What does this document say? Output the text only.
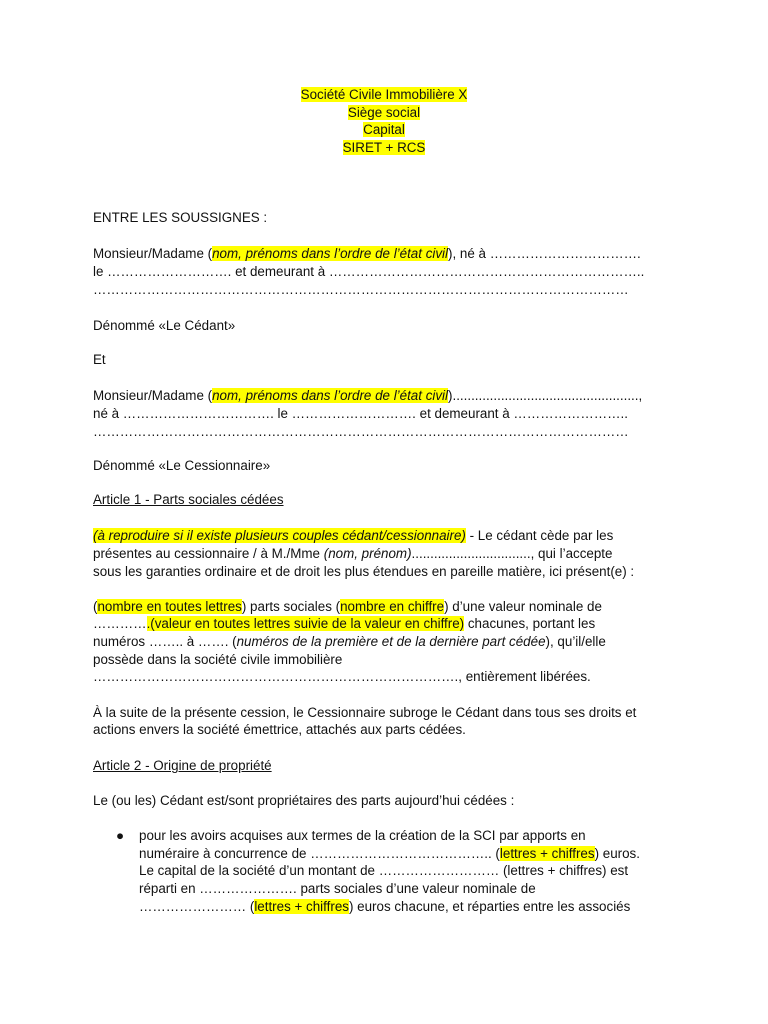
Société Civile Immobilière X
Siège social
Capital
SIRET + RCS
ENTRE LES SOUSSIGNES :
Monsieur/Madame (nom, prénoms dans l’ordre de l’état civil), né à …………………………….
le ………………………. et demeurant à ……………………………………………………………..
…………………………………………………………………………………………………………
Dénommé «Le Cédant»
Et
Monsieur/Madame (nom, prénoms dans l’ordre de l’état civil)..................................................,
né à ……………………………. le ………………………. et demeurant à ……………………..
…………………………………………………………………………………………………………
Dénommé «Le Cessionnaire»
Article 1 - Parts sociales cédées
(à reproduire si il existe plusieurs couples cédant/cessionnaire) - Le cédant cède par les
présentes au cessionnaire / à M./Mme (nom, prénom)................................, qui l’accepte
sous les garanties ordinaire et de droit les plus étendues en pareille matière, ici présent(e) :
(nombre en toutes lettres) parts sociales (nombre en chiffre) d’une valeur nominale de
………….(valeur en toutes lettres suivie de la valeur en chiffre) chacunes, portant les
numéros …….. à ……. (numéros de la première et de la dernière part cédée), qu’il/elle
possède dans la société civile immobilière
………………………………………………………………………., entièrement libérées.
À la suite de la présente cession, le Cessionnaire subroge le Cédant dans tous ses droits et
actions envers la société émettrice, attachés aux parts cédées.
Article 2 - Origine de propriété
Le (ou les) Cédant est/sont propriétaires des parts aujourd’hui cédées :
● pour les avoirs acquises aux termes de la création de la SCI par apports en
numéraire à concurrence de ………………………………….. (lettres + chiffres) euros.
Le capital de la société d’un montant de ……………………… (lettres + chiffres) est
réparti en …………………. parts sociales d’une valeur nominale de
…………………… (lettres + chiffres) euros chacune, et réparties entre les associés
